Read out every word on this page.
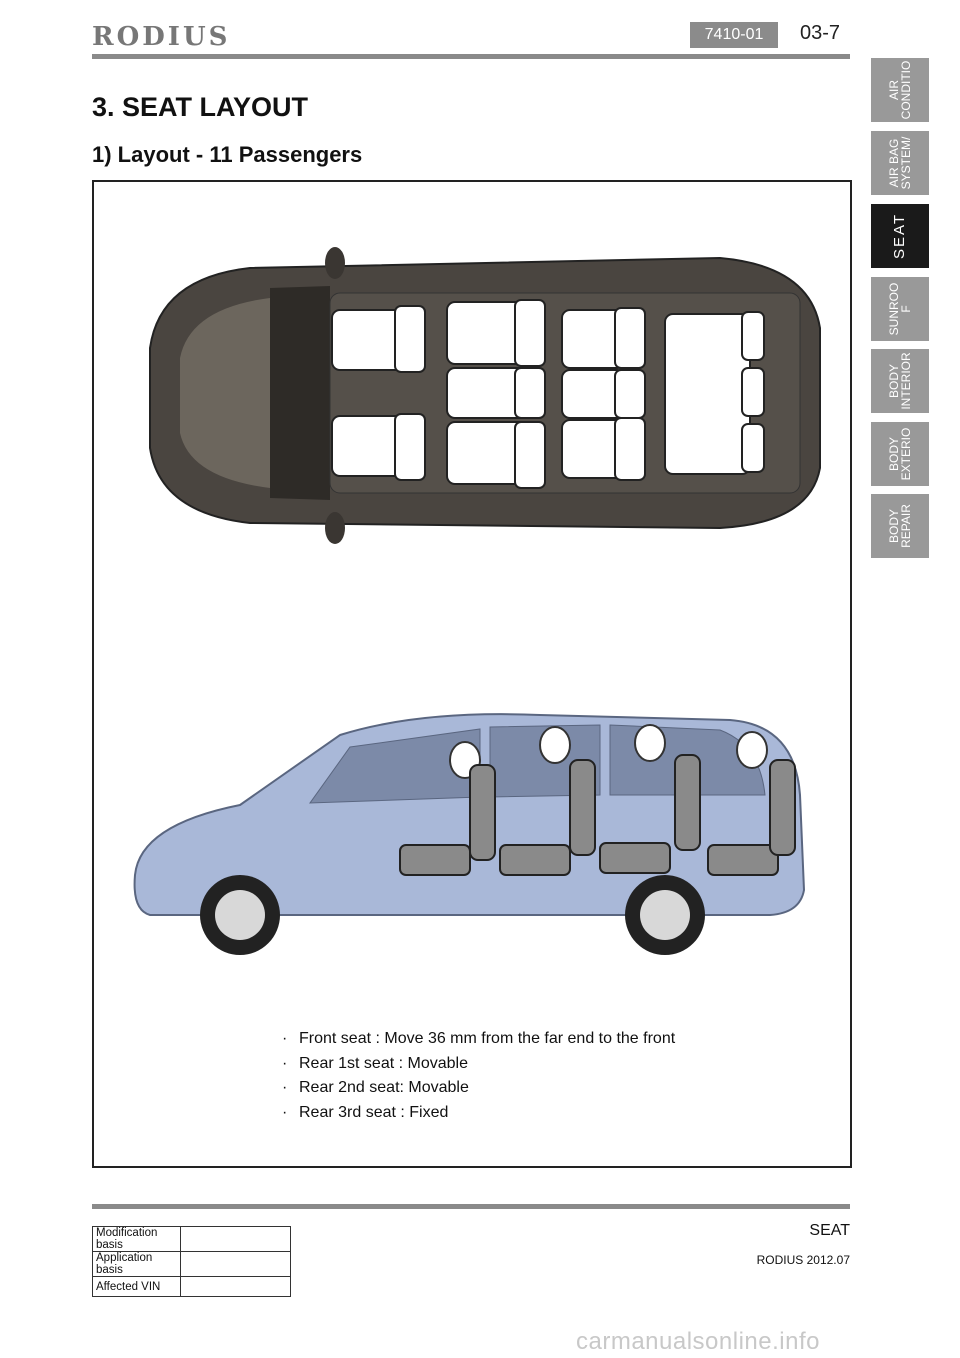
RODIUS	7410-01	03-7
3. SEAT LAYOUT
1) Layout - 11 Passengers
· Front seat : Move 36 mm from the far end to the front
· Rear 1st seat : Movable
· Rear 2nd seat: Movable
· Rear 3rd seat : Fixed
AIR
CONDITIO
AIR BAG
SYSTEM/
SEAT
SUNROO
F
BODY
INTERIOR
BODY
EXTERIO
BODY
REPAIR
Modification basis	
Application basis	
Affected VIN	
SEAT
RODIUS 2012.07
carmanualsonline.info
